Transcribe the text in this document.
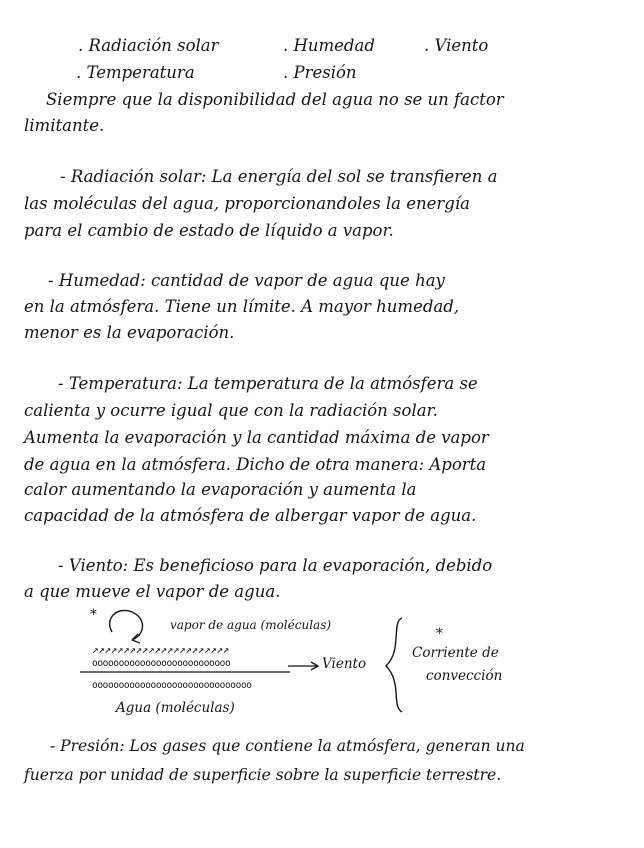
. Radiación solar	. Humedad	. Viento
. Temperatura	. Presión
Siempre que la disponibilidad del agua no se un factor
limitante.
- Radiación solar: La energía del sol se transfieren a
las moléculas del agua, proporcionandoles la energía
para el cambio de estado de líquido a vapor.
- Humedad: cantidad de vapor de agua que hay
en la atmósfera. Tiene un límite. A mayor humedad,
menor es la evaporación.
- Temperatura: La temperatura de la atmósfera se
calienta y ocurre igual que con la radiación solar.
Aumenta la evaporación y la cantidad máxima de vapor
de agua en la atmósfera. Dicho de otra manera: Aporta
calor aumentando la evaporación y aumenta la
capacidad de la atmósfera de albergar vapor de agua.
- Viento: Es beneficioso para la evaporación, debido
a que mueve el vapor de agua.
*
vapor de agua (moléculas)
↗↗↗↗↗↗↗↗↗↗↗↗↗↗↗↗↗↗↗↗↗↗
oooooooooooooooooooooooooo
oooooooooooooooooooooooooooooo
Viento
Agua (moléculas)
*
Corriente de
convección
- Presión: Los gases que contiene la atmósfera, generan una
fuerza por unidad de superficie sobre la superficie terrestre.
